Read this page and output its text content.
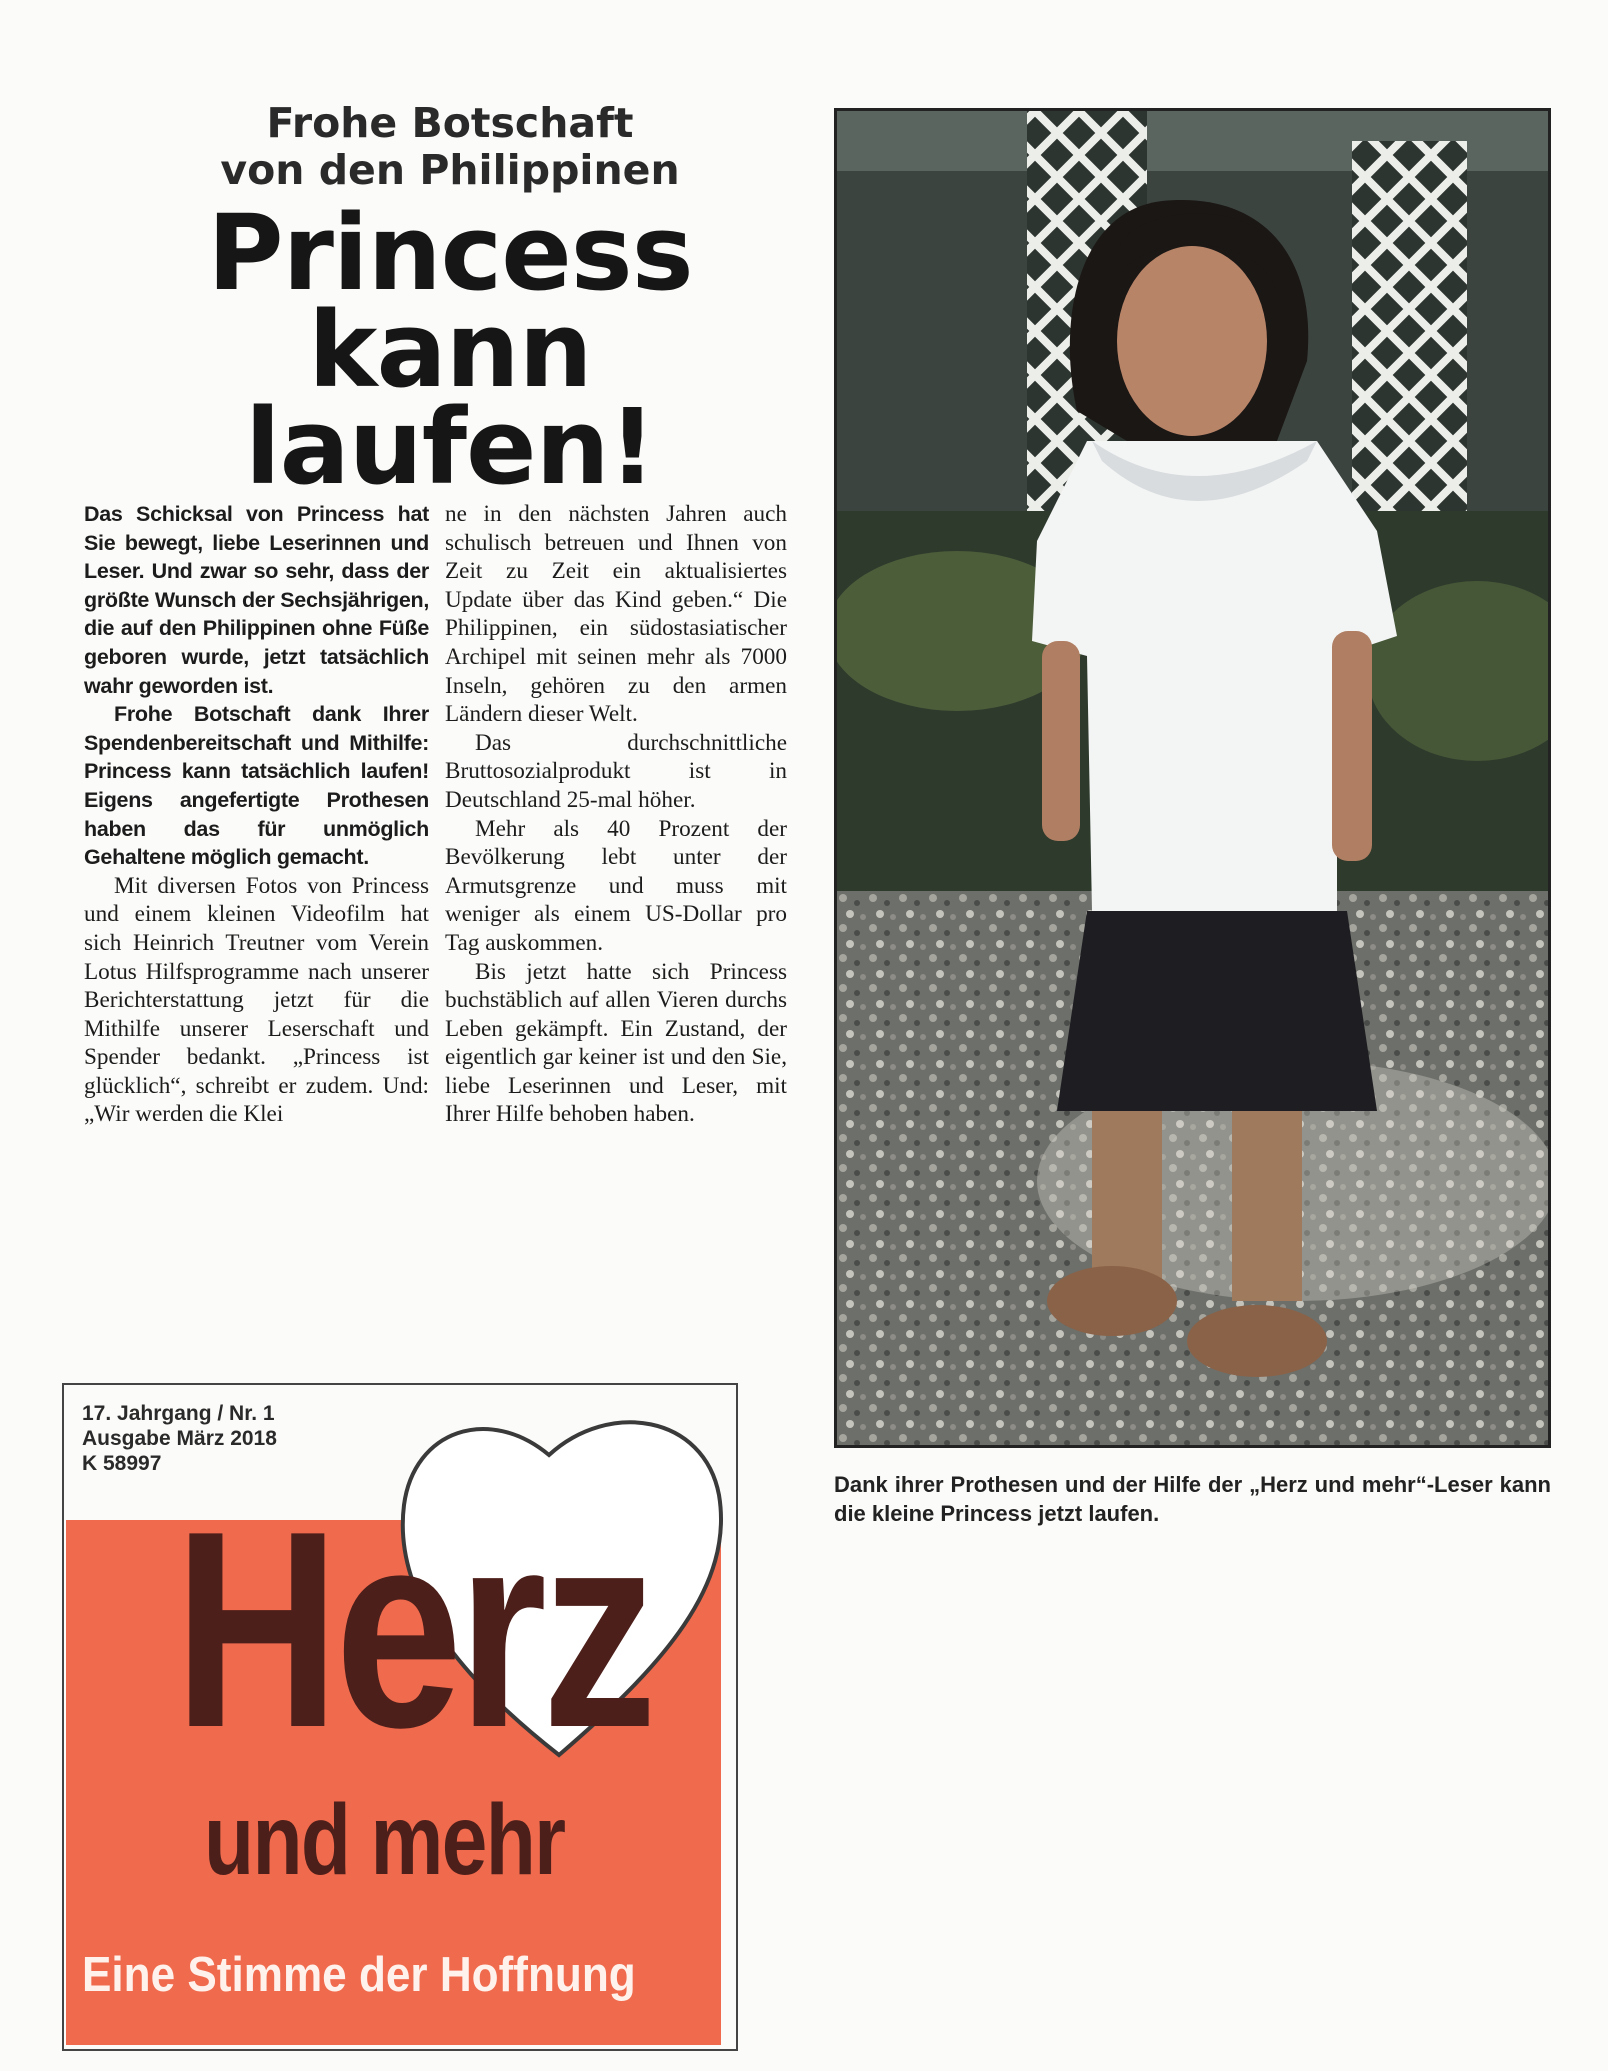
Frohe Botschaft
von den Philippinen
Princess
kann
laufen!

Das Schicksal von Princess hat Sie bewegt, liebe Leserinnen und Leser. Und zwar so sehr, dass der größte Wunsch der Sechsjährigen, die auf den Philippinen ohne Füße geboren wurde, jetzt tatsächlich wahr geworden ist.

Frohe Botschaft dank Ihrer Spendenbereitschaft und Mithilfe: Princess kann tatsächlich laufen! Eigens angefertigte Prothesen haben das für unmöglich Gehaltene möglich gemacht.

Mit diversen Fotos von Princess und einem kleinen Videofilm hat sich Heinrich Treutner vom Verein Lotus Hilfsprogramme nach unserer Berichterstattung jetzt für die Mithilfe unserer Leserschaft und Spender bedankt. „Princess ist glücklich“, schreibt er zudem. Und: „Wir werden die Klei

ne in den nächsten Jahren auch schulisch betreuen und Ihnen von Zeit zu Zeit ein aktualisiertes Update über das Kind geben.“ Die Philippinen, ein südostasiatischer Archipel mit seinen mehr als 7000 Inseln, gehören zu den armen Ländern dieser Welt.

Das durchschnittliche Bruttosozialprodukt ist in Deutschland 25-mal höher.

Mehr als 40 Prozent der Bevölkerung lebt unter der Armutsgrenze und muss mit weniger als einem US-Dollar pro Tag auskommen.

Bis jetzt hatte sich Princess buchstäblich auf allen Vieren durchs Leben gekämpft. Ein Zustand, der eigentlich gar keiner ist und den Sie, liebe Leserinnen und Leser, mit Ihrer Hilfe behoben haben.

Dank ihrer Prothesen und der Hilfe der „Herz und mehr“-Leser kann die kleine Princess jetzt laufen.
17. Jahrgang / Nr. 1
Ausgabe März 2018
K 58997
Herz
und mehr
Eine Stimme der Hoffnung
